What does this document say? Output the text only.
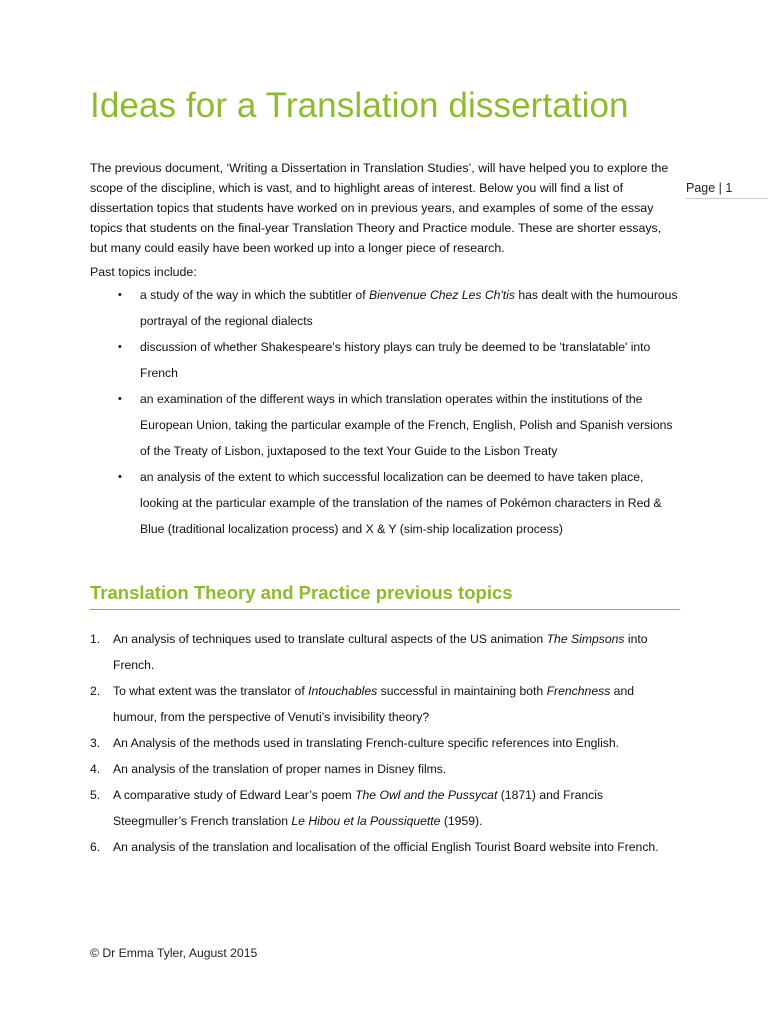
Ideas for a Translation dissertation
Page | 1

The previous document, ‘Writing a Dissertation in Translation Studies’, will have helped you to explore the scope of the discipline, which is vast, and to highlight areas of interest. Below you will find a list of dissertation topics that students have worked on in previous years, and examples of some of the essay topics that students on the final-year Translation Theory and Practice module. These are shorter essays, but many could easily have been worked up into a longer piece of research.

Past topics include:

• a study of the way in which the subtitler of Bienvenue Chez Les Ch'tis has dealt with the humourous portrayal of the regional dialects
• discussion of whether Shakespeare's history plays can truly be deemed to be 'translatable' into French
• an examination of the different ways in which translation operates within the institutions of the European Union, taking the particular example of the French, English, Polish and Spanish versions of the Treaty of Lisbon, juxtaposed to the text Your Guide to the Lisbon Treaty
• an analysis of the extent to which successful localization can be deemed to have taken place, looking at the particular example of the translation of the names of Pokémon characters in Red & Blue (traditional localization process) and X & Y (sim-ship localization process)
Translation Theory and Practice previous topics
1. An analysis of techniques used to translate cultural aspects of the US animation The Simpsons into French.
2. To what extent was the translator of Intouchables successful in maintaining both Frenchness and humour, from the perspective of Venuti’s invisibility theory?
3. An Analysis of the methods used in translating French-culture specific references into English.
4. An analysis of the translation of proper names in Disney films.
5. A comparative study of Edward Lear’s poem The Owl and the Pussycat (1871) and Francis Steegmuller’s French translation Le Hibou et la Poussiquette (1959).
6. An analysis of the translation and localisation of the official English Tourist Board website into French.

© Dr Emma Tyler, August 2015
